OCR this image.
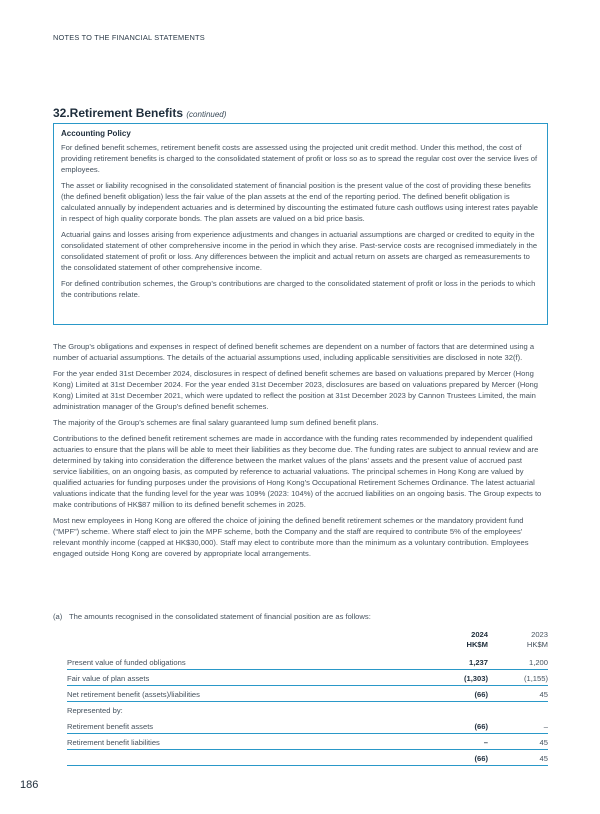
NOTES TO THE FINANCIAL STATEMENTS
32.Retirement Benefits (continued)
Accounting Policy

For defined benefit schemes, retirement benefit costs are assessed using the projected unit credit method. Under this method, the cost of providing retirement benefits is charged to the consolidated statement of profit or loss so as to spread the regular cost over the service lives of employees.

The asset or liability recognised in the consolidated statement of financial position is the present value of the cost of providing these benefits (the defined benefit obligation) less the fair value of the plan assets at the end of the reporting period. The defined benefit obligation is calculated annually by independent actuaries and is determined by discounting the estimated future cash outflows using interest rates payable in respect of high quality corporate bonds. The plan assets are valued on a bid price basis.

Actuarial gains and losses arising from experience adjustments and changes in actuarial assumptions are charged or credited to equity in the consolidated statement of other comprehensive income in the period in which they arise. Past-service costs are recognised immediately in the consolidated statement of profit or loss. Any differences between the implicit and actual return on assets are charged as remeasurements to the consolidated statement of other comprehensive income.

For defined contribution schemes, the Group’s contributions are charged to the consolidated statement of profit or loss in the periods to which the contributions relate.

The Group’s obligations and expenses in respect of defined benefit schemes are dependent on a number of factors that are determined using a number of actuarial assumptions. The details of the actuarial assumptions used, including applicable sensitivities are disclosed in note 32(f).

For the year ended 31st December 2024, disclosures in respect of defined benefit schemes are based on valuations prepared by Mercer (Hong Kong) Limited at 31st December 2024. For the year ended 31st December 2023, disclosures are based on valuations prepared by Mercer (Hong Kong) Limited at 31st December 2021, which were updated to reflect the position at 31st December 2023 by Cannon Trustees Limited, the main administration manager of the Group’s defined benefit schemes.

The majority of the Group’s schemes are final salary guaranteed lump sum defined benefit plans.

Contributions to the defined benefit retirement schemes are made in accordance with the funding rates recommended by independent qualified actuaries to ensure that the plans will be able to meet their liabilities as they become due. The funding rates are subject to annual review and are determined by taking into consideration the difference between the market values of the plans’ assets and the present value of accrued past service liabilities, on an ongoing basis, as computed by reference to actuarial valuations. The principal schemes in Hong Kong are valued by qualified actuaries for funding purposes under the provisions of Hong Kong’s Occupational Retirement Schemes Ordinance. The latest actuarial valuations indicate that the funding level for the year was 109% (2023: 104%) of the accrued liabilities on an ongoing basis. The Group expects to make contributions of HK$87 million to its defined benefit schemes in 2025.

Most new employees in Hong Kong are offered the choice of joining the defined benefit retirement schemes or the mandatory provident fund (“MPF”) scheme. Where staff elect to join the MPF scheme, both the Company and the staff are required to contribute 5% of the employees’ relevant monthly income (capped at HK$30,000). Staff may elect to contribute more than the minimum as a voluntary contribution. Employees engaged outside Hong Kong are covered by appropriate local arrangements.

(a) The amounts recognised in the consolidated statement of financial position are as follows:
2024
HK$M
2023
HK$M
Present value of funded obligations	1,237	1,200
Fair value of plan assets	(1,303)	(1,155)
Net retirement benefit (assets)/liabilities	(66)	45
Represented by:
Retirement benefit assets	(66)	–
Retirement benefit liabilities	–	45
(66)	45
186
